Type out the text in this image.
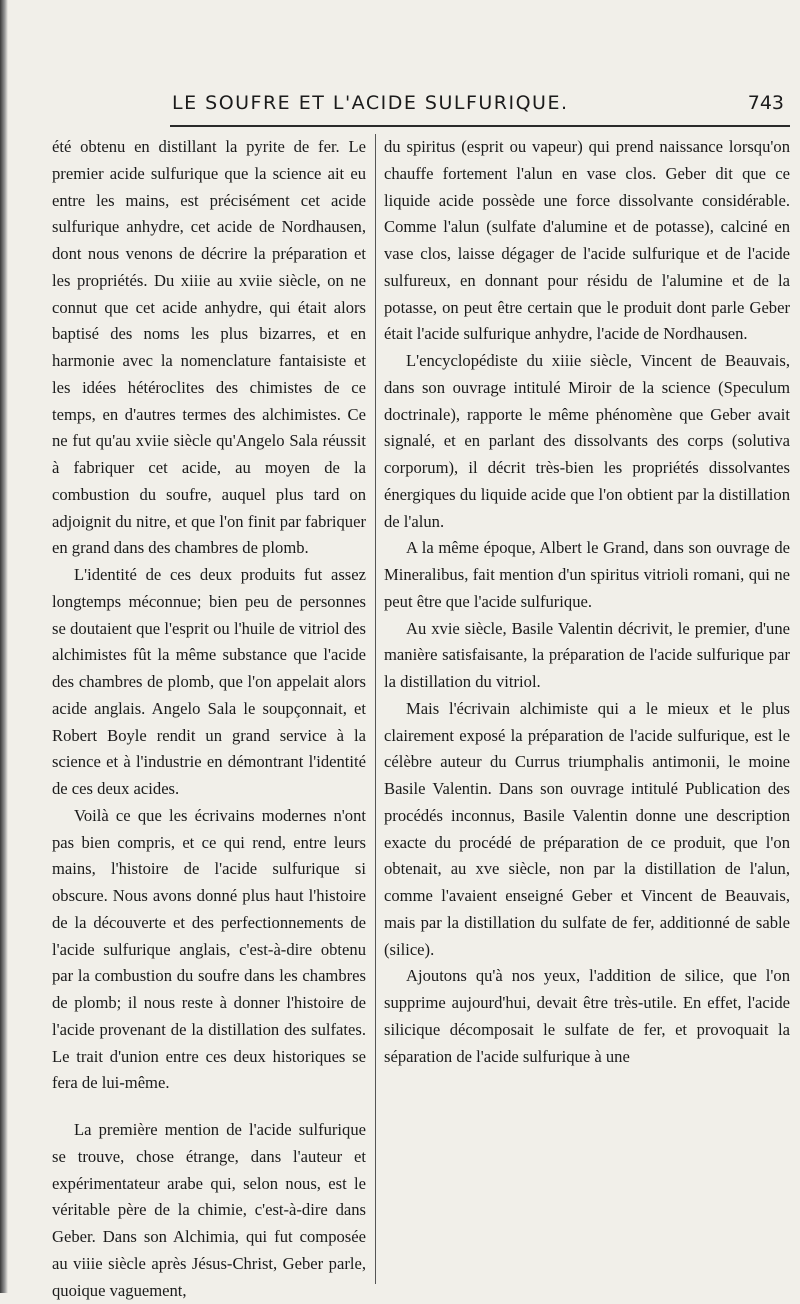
LE SOUFRE ET L'ACIDE SULFURIQUE.	743

été obtenu en distillant la pyrite de fer. Le premier acide sulfurique que la science ait eu entre les mains, est précisément cet acide sulfurique anhydre, cet acide de Nordhausen, dont nous venons de décrire la préparation et les propriétés. Du xiiie au xviie siècle, on ne connut que cet acide anhydre, qui était alors baptisé des noms les plus bizarres, et en harmonie avec la nomenclature fantaisiste et les idées hétéroclites des chimistes de ce temps, en d'autres termes des alchimistes. Ce ne fut qu'au xviie siècle qu'Angelo Sala réussit à fabriquer cet acide, au moyen de la combustion du soufre, auquel plus tard on adjoignit du nitre, et que l'on finit par fabriquer en grand dans des chambres de plomb.

L'identité de ces deux produits fut assez longtemps méconnue; bien peu de personnes se doutaient que l'esprit ou l'huile de vitriol des alchimistes fût la même substance que l'acide des chambres de plomb, que l'on appelait alors acide anglais. Angelo Sala le soupçonnait, et Robert Boyle rendit un grand service à la science et à l'industrie en démontrant l'identité de ces deux acides.

Voilà ce que les écrivains modernes n'ont pas bien compris, et ce qui rend, entre leurs mains, l'histoire de l'acide sulfurique si obscure. Nous avons donné plus haut l'histoire de la découverte et des perfectionnements de l'acide sulfurique anglais, c'est-à-dire obtenu par la combustion du soufre dans les chambres de plomb; il nous reste à donner l'histoire de l'acide provenant de la distillation des sulfates. Le trait d'union entre ces deux historiques se fera de lui-même.

La première mention de l'acide sulfurique se trouve, chose étrange, dans l'auteur et expérimentateur arabe qui, selon nous, est le véritable père de la chimie, c'est-à-dire dans Geber. Dans son Alchimia, qui fut composée au viiie siècle après Jésus-Christ, Geber parle, quoique vaguement,

du spiritus (esprit ou vapeur) qui prend naissance lorsqu'on chauffe fortement l'alun en vase clos. Geber dit que ce liquide acide possède une force dissolvante considérable. Comme l'alun (sulfate d'alumine et de potasse), calciné en vase clos, laisse dégager de l'acide sulfurique et de l'acide sulfureux, en donnant pour résidu de l'alumine et de la potasse, on peut être certain que le produit dont parle Geber était l'acide sulfurique anhydre, l'acide de Nordhausen.

L'encyclopédiste du xiiie siècle, Vincent de Beauvais, dans son ouvrage intitulé Miroir de la science (Speculum doctrinale), rapporte le même phénomène que Geber avait signalé, et en parlant des dissolvants des corps (solutiva corporum), il décrit très-bien les propriétés dissolvantes énergiques du liquide acide que l'on obtient par la distillation de l'alun.

A la même époque, Albert le Grand, dans son ouvrage de Mineralibus, fait mention d'un spiritus vitrioli romani, qui ne peut être que l'acide sulfurique.

Au xvie siècle, Basile Valentin décrivit, le premier, d'une manière satisfaisante, la préparation de l'acide sulfurique par la distillation du vitriol.

Mais l'écrivain alchimiste qui a le mieux et le plus clairement exposé la préparation de l'acide sulfurique, est le célèbre auteur du Currus triumphalis antimonii, le moine Basile Valentin. Dans son ouvrage intitulé Publication des procédés inconnus, Basile Valentin donne une description exacte du procédé de préparation de ce produit, que l'on obtenait, au xve siècle, non par la distillation de l'alun, comme l'avaient enseigné Geber et Vincent de Beauvais, mais par la distillation du sulfate de fer, additionné de sable (silice).

Ajoutons qu'à nos yeux, l'addition de silice, que l'on supprime aujourd'hui, devait être très-utile. En effet, l'acide silicique décomposait le sulfate de fer, et provoquait la séparation de l'acide sulfurique à une
